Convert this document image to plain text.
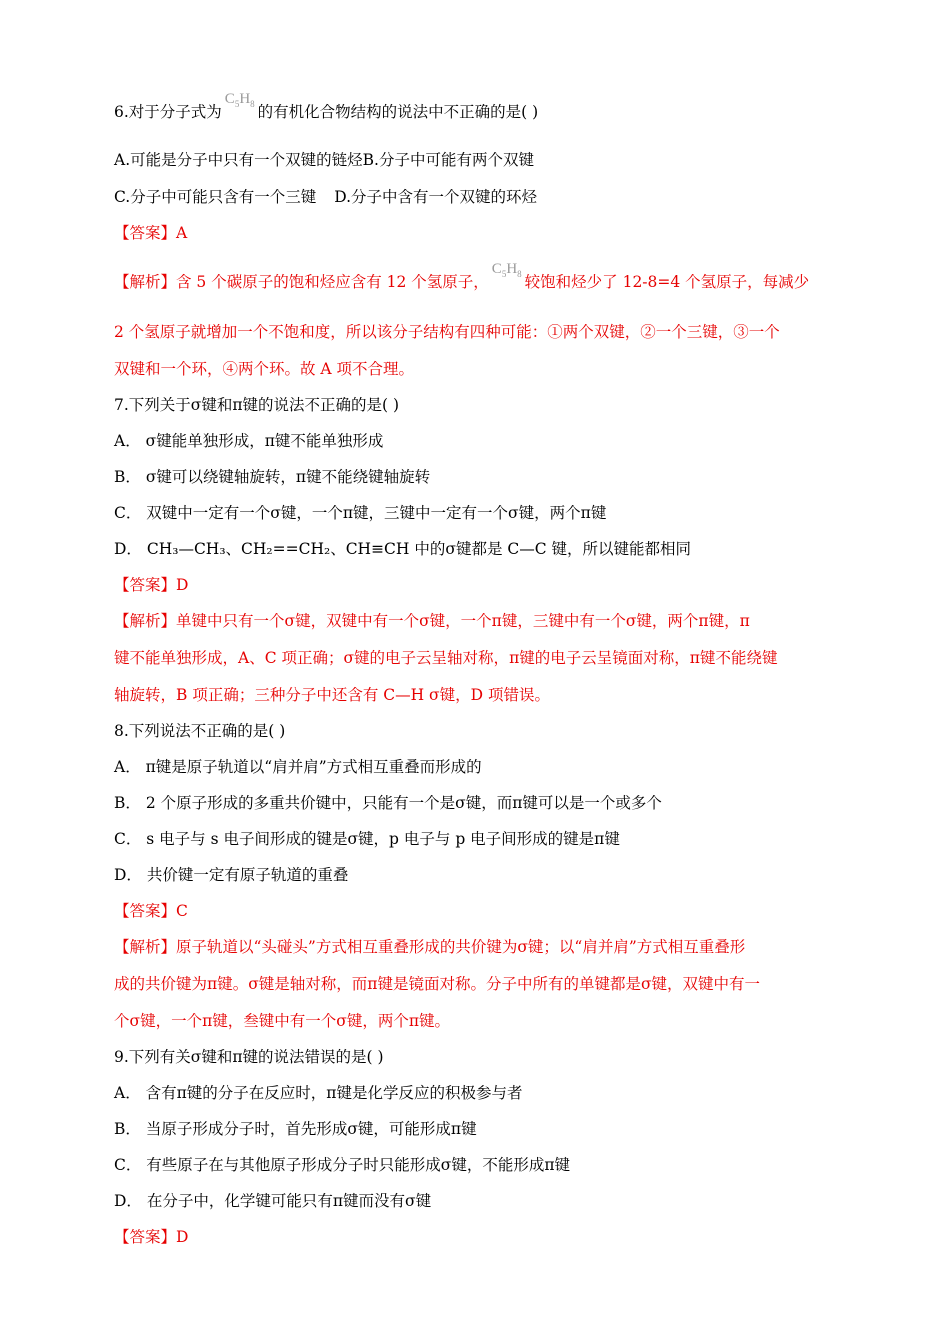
6.对于分子式为$C_5H_8$ 的有机化合物结构的说法中不正确的是( )
A.可能是分子中只有一个双键的链烃B.分子中可能有两个双键
C.分子中可能只含有一个三键 D.分子中含有一个双键的环烃
【答案】A
【解析】含 5 个碳原子的饱和烃应含有 12 个氢原子，$C_5H_8$ 较饱和烃少了 12-8=4 个氢原子，每减少
2 个氢原子就增加一个不饱和度，所以该分子结构有四种可能：①两个双键，②一个三键，③一个
双键和一个环，④两个环。故 A 项不合理。
7.下列关于σ键和π键的说法不正确的是( )
A． σ键能单独形成，π键不能单独形成
B． σ键可以绕键轴旋转，π键不能绕键轴旋转
C． 双键中一定有一个σ键，一个π键，三键中一定有一个σ键，两个π键
D． CH₃—CH₃、CH₂==CH₂、CH≡CH 中的σ键都是 C—C 键，所以键能都相同
【答案】D
【解析】单键中只有一个σ键，双键中有一个σ键，一个π键，三键中有一个σ键，两个π键，π
键不能单独形成，A、C 项正确；σ键的电子云呈轴对称，π键的电子云呈镜面对称，π键不能绕键
轴旋转，B 项正确；三种分子中还含有 C—H σ键，D 项错误。
8.下列说法不正确的是( )
A． π键是原子轨道以“肩并肩”方式相互重叠而形成的
B． 2 个原子形成的多重共价键中，只能有一个是σ键，而π键可以是一个或多个
C． s 电子与 s 电子间形成的键是σ键，p 电子与 p 电子间形成的键是π键
D． 共价键一定有原子轨道的重叠
【答案】C
【解析】原子轨道以“头碰头”方式相互重叠形成的共价键为σ键；以“肩并肩”方式相互重叠形
成的共价键为π键。σ键是轴对称，而π键是镜面对称。分子中所有的单键都是σ键，双键中有一
个σ键，一个π键，叁键中有一个σ键，两个π键。
9.下列有关σ键和π键的说法错误的是( )
A． 含有π键的分子在反应时，π键是化学反应的积极参与者
B． 当原子形成分子时，首先形成σ键，可能形成π键
C． 有些原子在与其他原子形成分子时只能形成σ键，不能形成π键
D． 在分子中，化学键可能只有π键而没有σ键
【答案】D
